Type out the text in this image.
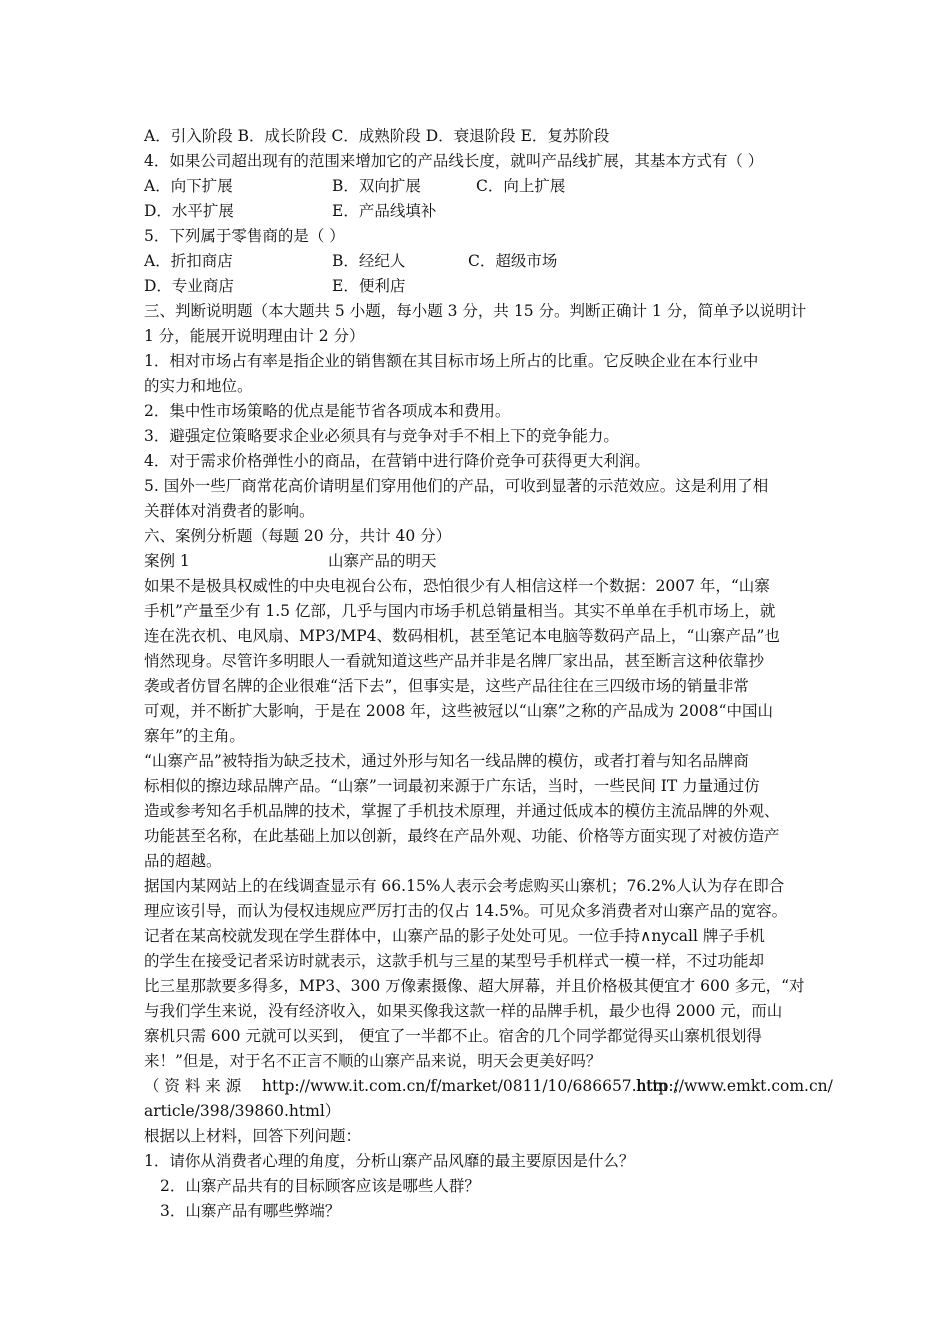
A．引入阶段 B．成长阶段 C．成熟阶段 D．衰退阶段 E．复苏阶段
4．如果公司超出现有的范围来增加它的产品线长度，就叫产品线扩展，其基本方式有（ ）
A．向下扩展	B．双向扩展	C．向上扩展
D．水平扩展	E．产品线填补
5．下列属于零售商的是（ ）
A．折扣商店	B．经纪人	C．超级市场
D．专业商店	E．便利店
三、判断说明题（本大题共 5 小题，每小题 3 分，共 15 分。判断正确计 1 分，简单予以说明计
1 分，能展开说明理由计 2 分）
1．相对市场占有率是指企业的销售额在其目标市场上所占的比重。它反映企业在本行业中
的实力和地位。
2．集中性市场策略的优点是能节省各项成本和费用。
3．避强定位策略要求企业必须具有与竞争对手不相上下的竞争能力。
4．对于需求价格弹性小的商品，在营销中进行降价竞争可获得更大利润。
5. 国外一些厂商常花高价请明星们穿用他们的产品，可收到显著的示范效应。这是利用了相
关群体对消费者的影响。
六、案例分析题（每题 20 分，共计 40 分）
案例 1	山寨产品的明天
如果不是极具权威性的中央电视台公布，恐怕很少有人相信这样一个数据：2007 年，“山寨
手机”产量至少有 1.5 亿部，几乎与国内市场手机总销量相当。其实不单单在手机市场上，就
连在洗衣机、电风扇、MP3/MP4、数码相机，甚至笔记本电脑等数码产品上，“山寨产品”也
悄然现身。尽管许多明眼人一看就知道这些产品并非是名牌厂家出品，甚至断言这种依靠抄
袭或者仿冒名牌的企业很难“活下去”，但事实是，这些产品往往在三四级市场的销量非常
可观，并不断扩大影响，于是在 2008 年，这些被冠以“山寨”之称的产品成为 2008“中国山
寨年”的主角。
“山寨产品”被特指为缺乏技术，通过外形与知名一线品牌的模仿，或者打着与知名品牌商
标相似的擦边球品牌产品。“山寨”一词最初来源于广东话，当时，一些民间 IT 力量通过仿
造或参考知名手机品牌的技术，掌握了手机技术原理，并通过低成本的模仿主流品牌的外观、
功能甚至名称，在此基础上加以创新，最终在产品外观、功能、价格等方面实现了对被仿造产
品的超越。
据国内某网站上的在线调查显示有 66.15%人表示会考虑购买山寨机；76.2%人认为存在即合
理应该引导，而认为侵权违规应严厉打击的仅占 14.5%。可见众多消费者对山寨产品的宽容。
记者在某高校就发现在学生群体中，山寨产品的影子处处可见。一位手持∧nycall 牌子手机
的学生在接受记者采访时就表示，这款手机与三星的某型号手机样式一模一样，不过功能却
比三星那款要多得多，MP3、300 万像素摄像、超大屏幕，并且价格极其便宜才 600 多元，“对
与我们学生来说，没有经济收入，如果买像我这款一样的品牌手机，最少也得 2000 元，而山
寨机只需 600 元就可以买到， 便宜了一半都不止。宿舍的几个同学都觉得买山寨机很划得
来！”但是，对于名不正言不顺的山寨产品来说，明天会更美好吗？
（ 资 料 来 源 http://www.it.com.cn/f/market/0811/10/686657.htm ；
http://www.emkt.com.cn/
article/398/39860.html）
根据以上材料，回答下列问题：
1．请你从消费者心理的角度，分析山寨产品风靡的最主要原因是什么？
2．山寨产品共有的目标顾客应该是哪些人群？
3．山寨产品有哪些弊端？
